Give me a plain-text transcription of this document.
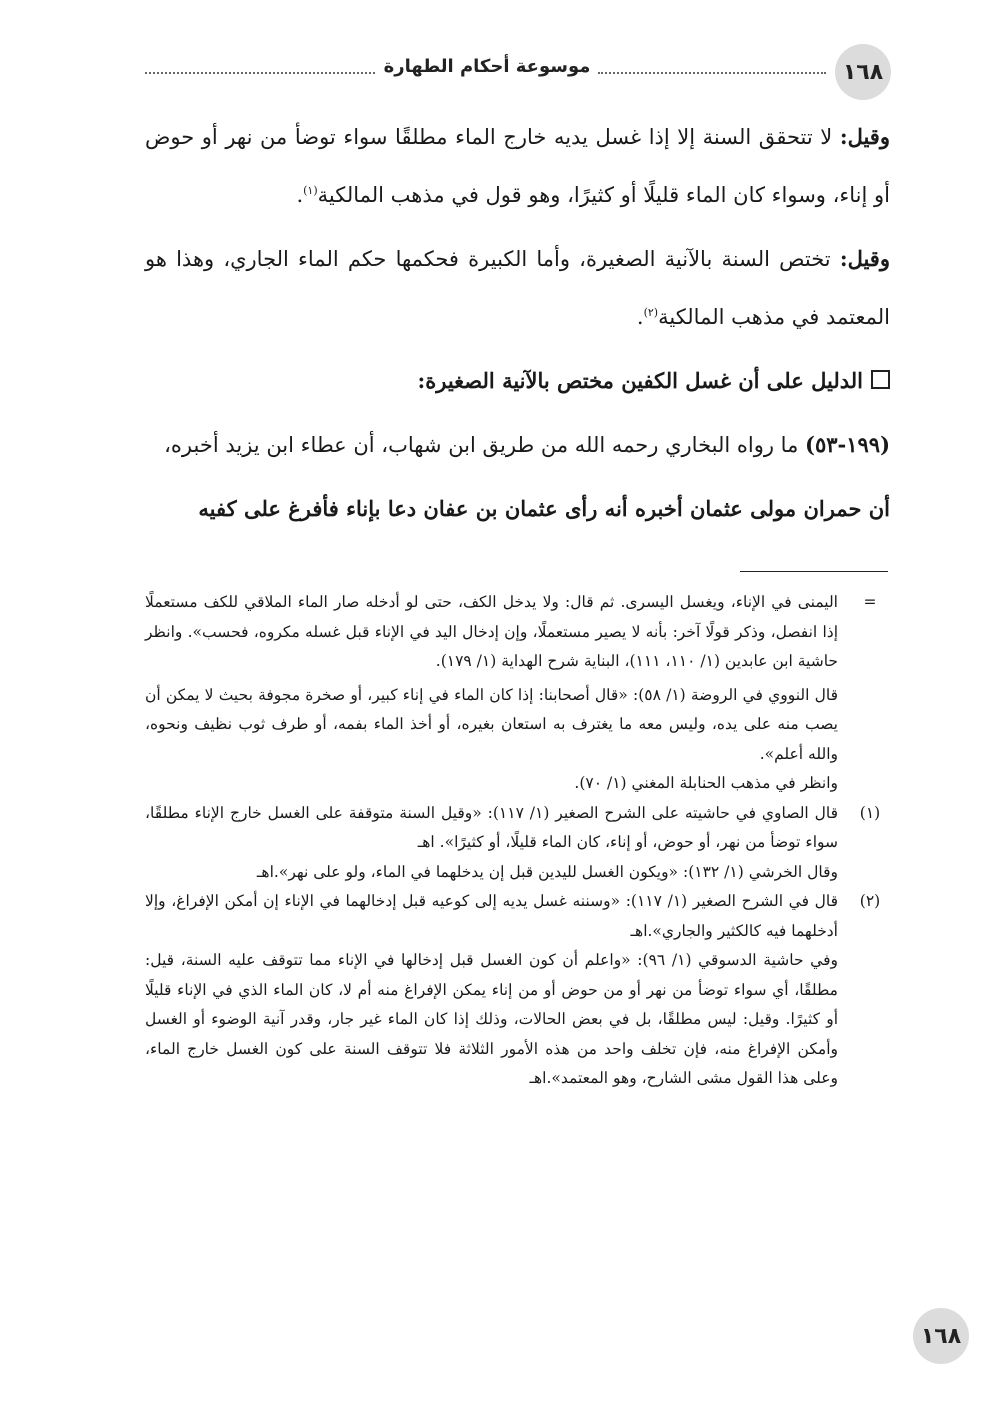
١٦٨
موسوعة أحكام الطهارة

وقيل: لا تتحقق السنة إلا إذا غسل يديه خارج الماء مطلقًا سواء توضأ من نهر أو حوض أو إناء، وسواء كان الماء قليلًا أو كثيرًا، وهو قول في مذهب المالكية$^{(١)}$.

وقيل: تختص السنة بالآنية الصغيرة، وأما الكبيرة فحكمها حكم الماء الجاري، وهذا هو المعتمد في مذهب المالكية$^{(٢)}$.

الدليل على أن غسل الكفين مختص بالآنية الصغيرة:

(١٩٩-٥٣) ما رواه البخاري رحمه الله من طريق ابن شهاب، أن عطاء ابن يزيد أخبره،

أن حمران مولى عثمان أخبره أنه رأى عثمان بن عفان دعا بإناء فأفرغ على كفيه

=
اليمنى في الإناء، ويغسل اليسرى. ثم قال: ولا يدخل الكف، حتى لو أدخله صار الماء الملاقي للكف مستعملًا إذا انفصل، وذكر قولًا آخر: بأنه لا يصير مستعملًا، وإن إدخال اليد في الإناء قبل غسله مكروه، فحسب». وانظر حاشية ابن عابدين (١/ ١١٠، ١١١)، البناية شرح الهداية (١/ ١٧٩).

قال النووي في الروضة (١/ ٥٨): «قال أصحابنا: إذا كان الماء في إناء كبير، أو صخرة مجوفة بحيث لا يمكن أن يصب منه على يده، وليس معه ما يغترف به استعان بغيره، أو أخذ الماء بفمه، أو طرف ثوب نظيف ونحوه، والله أعلم».

وانظر في مذهب الحنابلة المغني (١/ ٧٠).

(١)
قال الصاوي في حاشيته على الشرح الصغير (١/ ١١٧): «وقيل السنة متوقفة على الغسل خارج الإناء مطلقًا، سواء توضأ من نهر، أو حوض، أو إناء، كان الماء قليلًا، أو كثيرًا». اهـ

وقال الخرشي (١/ ١٣٢): «ويكون الغسل لليدين قبل إن يدخلهما في الماء، ولو على نهر».اهـ

(٢)
قال في الشرح الصغير (١/ ١١٧): «وسننه غسل يديه إلى كوعيه قبل إدخالهما في الإناء إن أمكن الإفراغ، وإلا أدخلهما فيه كالكثير والجاري».اهـ

وفي حاشية الدسوقي (١/ ٩٦): «واعلم أن كون الغسل قبل إدخالها في الإناء مما تتوقف عليه السنة، قيل: مطلقًا، أي سواء توضأ من نهر أو من حوض أو من إناء يمكن الإفراغ منه أم لا، كان الماء الذي في الإناء قليلًا أو كثيرًا. وقيل: ليس مطلقًا، بل في بعض الحالات، وذلك إذا كان الماء غير جار، وقدر آنية الوضوء أو الغسل وأمكن الإفراغ منه، فإن تخلف واحد من هذه الأمور الثلاثة فلا تتوقف السنة على كون الغسل خارج الماء، وعلى هذا القول مشى الشارح، وهو المعتمد».اهـ

١٦٨
